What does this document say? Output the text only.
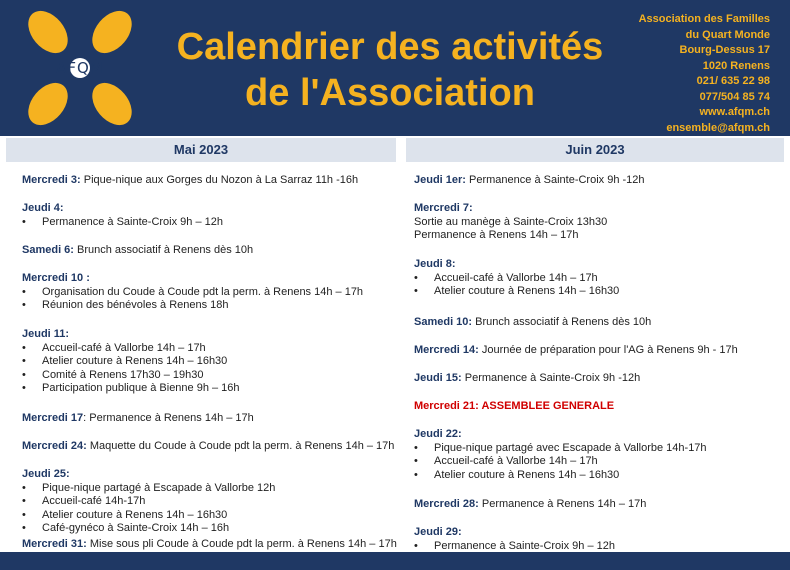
AFQM	Calendrier des activités
de l'Association
Association des Familles
du Quart Monde
Bourg-Dessus 17
1020 Renens
021/ 635 22 98
077/504 85 74
www.afqm.ch
ensemble@afqm.ch
Mai 2023	Juin 2023
Mercredi 3: Pique-nique aux Gorges du Nozon à La Sarraz 11h -16h
Jeudi 4:
• Permanence à Sainte-Croix 9h – 12h
Samedi 6: Brunch associatif à Renens dès 10h
Mercredi 10 :
• Organisation du Coude à Coude pdt la perm. à Renens 14h – 17h
• Réunion des bénévoles à Renens 18h
Jeudi 11:
• Accueil-café à Vallorbe 14h – 17h
• Atelier couture à Renens 14h – 16h30
• Comité à Renens 17h30 – 19h30
• Participation publique à Bienne 9h – 16h
Mercredi 17: Permanence à Renens 14h – 17h
Mercredi 24: Maquette du Coude à Coude pdt la perm. à Renens 14h – 17h
Jeudi 25:
• Pique-nique partagé à Escapade à Vallorbe 12h
• Accueil-café 14h-17h
• Atelier couture à Renens 14h – 16h30
• Café-gynéco à Sainte-Croix 14h – 16h
Mercredi 31: Mise sous pli Coude à Coude pdt la perm. à Renens 14h – 17h
Jeudi 1er: Permanence à Sainte-Croix 9h -12h
Mercredi 7:
Sortie au manège à Sainte-Croix 13h30
Permanence à Renens 14h – 17h
Jeudi 8:
• Accueil-café à Vallorbe 14h – 17h
• Atelier couture à Renens 14h – 16h30
Samedi 10: Brunch associatif à Renens dès 10h
Mercredi 14: Journée de préparation pour l'AG à Renens 9h - 17h
Jeudi 15: Permanence à Sainte-Croix 9h -12h
Mercredi 21: ASSEMBLEE GENERALE
Jeudi 22:
• Pique-nique partagé avec Escapade à Vallorbe 14h-17h
• Accueil-café à Vallorbe 14h – 17h
• Atelier couture à Renens 14h – 16h30
Mercredi 28: Permanence à Renens 14h – 17h
Jeudi 29:
• Permanence à Sainte-Croix 9h – 12h
